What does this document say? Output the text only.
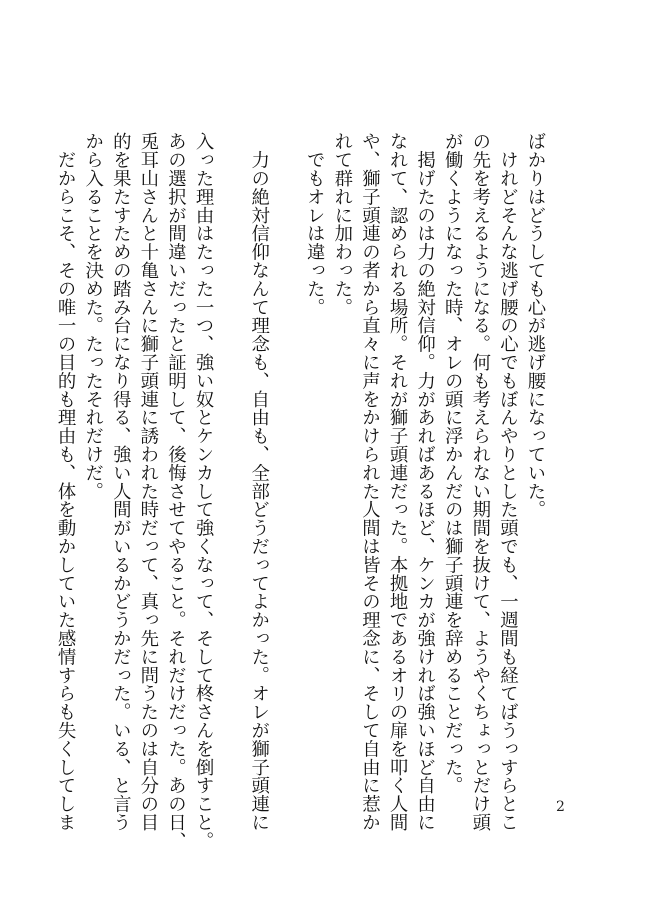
ばかりはどうしても心が逃げ腰になっていた。
　けれどそんな逃げ腰の心でもぼんやりとした頭でも、一週間も経てばうっすらとこ
の先を考えるようになる。何も考えられない期間を抜けて、ようやくちょっとだけ頭
が働くようになった時、オレの頭に浮かんだのは獅子頭連を辞めることだった。
　掲げたのは力の絶対信仰。力があればあるほど、ケンカが強ければ強いほど自由に
なれて、認められる場所。それが獅子頭連だった。本拠地であるオリの扉を叩く人間
や、獅子頭連の者から直々に声をかけられた人間は皆その理念に、そして自由に惹か
れて群れに加わった。
　でもオレは違った。
　力の絶対信仰なんて理念も、自由も、全部どうだってよかった。オレが獅子頭連に
入った理由はたった一つ、強い奴とケンカして強くなって、そして柊さんを倒すこと。
あの選択が間違いだったと証明して、後悔させてやること。それだけだった。あの日、
兎耳山さんと十亀さんに獅子頭連に誘われた時だって、真っ先に問うたのは自分の目
的を果たすための踏み台になり得る、強い人間がいるかどうかだった。いる、と言う
から入ることを決めた。たったそれだけだ。
　だからこそ、その唯一の目的も理由も、体を動かしていた感情すらも失くしてしま	2
